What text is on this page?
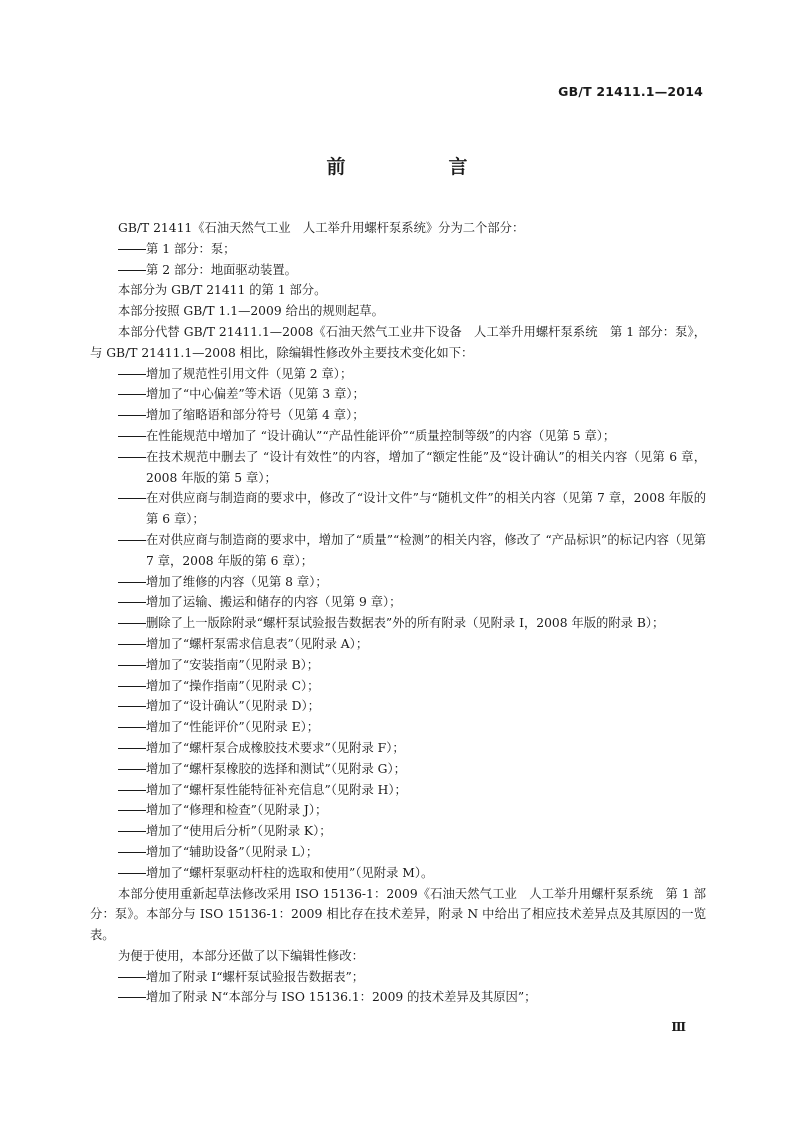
GB/T 21411.1—2014
前　言

GB/T 21411《石油天然气工业　人工举升用螺杆泵系统》分为二个部分：

第 1 部分：泵；
第 2 部分：地面驱动装置。

本部分为 GB/T 21411 的第 1 部分。

本部分按照 GB/T 1.1—2009 给出的规则起草。

本部分代替 GB/T 21411.1—2008《石油天然气工业井下设备　人工举升用螺杆泵系统　第 1 部分：泵》，与 GB/T 21411.1—2008 相比，除编辑性修改外主要技术变化如下：

增加了规范性引用文件（见第 2 章）；
增加了“中心偏差”等术语（见第 3 章）；
增加了缩略语和部分符号（见第 4 章）；
在性能规范中增加了 “设计确认”“产品性能评价”“质量控制等级”的内容（见第 5 章）；
在技术规范中删去了 “设计有效性”的内容，增加了“额定性能”及“设计确认”的相关内容（见第 6 章，2008 年版的第 5 章）；
在对供应商与制造商的要求中，修改了“设计文件”与“随机文件”的相关内容（见第 7 章，2008 年版的第 6 章）；
在对供应商与制造商的要求中，增加了“质量”“检测”的相关内容，修改了 “产品标识”的标记内容（见第 7 章，2008 年版的第 6 章）；
增加了维修的内容（见第 8 章）；
增加了运输、搬运和储存的内容（见第 9 章）；
删除了上一版除附录“螺杆泵试验报告数据表”外的所有附录（见附录 I，2008 年版的附录 B）；
增加了“螺杆泵需求信息表”（见附录 A）；
增加了“安装指南”（见附录 B）；
增加了“操作指南”（见附录 C）；
增加了“设计确认”（见附录 D）；
增加了“性能评价”（见附录 E）；
增加了“螺杆泵合成橡胶技术要求”（见附录 F）；
增加了“螺杆泵橡胶的选择和测试”（见附录 G）；
增加了“螺杆泵性能特征补充信息”（见附录 H）；
增加了“修理和检查”（见附录 J）；
增加了“使用后分析”（见附录 K）；
增加了“辅助设备”（见附录 L）；
增加了“螺杆泵驱动杆柱的选取和使用”（见附录 M）。

本部分使用重新起草法修改采用 ISO 15136-1：2009《石油天然气工业　人工举升用螺杆泵系统　第 1 部分：泵》。本部分与 ISO 15136-1：2009 相比存在技术差异，附录 N 中给出了相应技术差异点及其原因的一览表。

为便于使用，本部分还做了以下编辑性修改：

增加了附录 I“螺杆泵试验报告数据表”；
增加了附录 N“本部分与 ISO 15136.1：2009 的技术差异及其原因”；
Ⅲ
